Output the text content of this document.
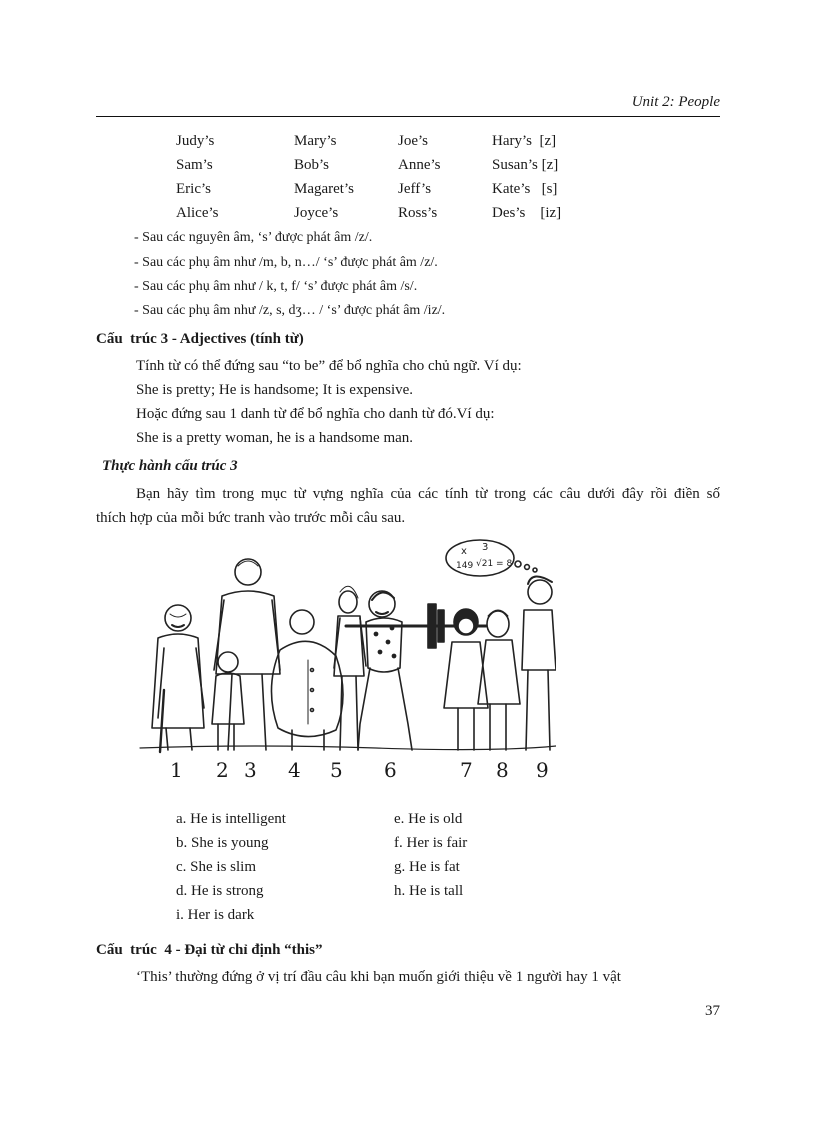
Unit 2: People
Judy’s	Mary’s	Joe’s	Hary’s  [z]
Sam’s	Bob’s	Anne’s	Susan’s [z]
Eric’s	Magaret’s	Jeff’s	Kate’s   [s]
Alice’s	Joyce’s	Ross’s	Des’s    [iz]
- Sau các nguyên âm, ‘s’ được phát âm /z/.
- Sau các phụ âm như /m, b, n…/ ‘s’ được phát âm /z/.
- Sau các phụ âm như / k, t, f/ ‘s’ được phát âm /s/.
- Sau các phụ âm như /z, s, dʒ… / ‘s’ được phát âm /iz/.
Cấu  trúc 3 - Adjectives (tính từ)
Tính từ có thể đứng sau “to be” để bổ nghĩa cho chủ ngữ. Ví dụ:
She is pretty; He is handsome; It is expensive.
Hoặc đứng sau 1 danh từ để bổ nghĩa cho danh từ đó.Ví dụ:
She is a pretty woman, he is a handsome man.
Thực hành cấu trúc 3
Bạn hãy tìm trong mục từ vựng nghĩa của các tính từ trong các câu dưới đây rồi điền số
thích hợp của mỗi bức tranh vào trước mỗi câu sau.
x
149
3
√21 = 8
1 2 3 4 5 6	7 8 9
a. He is intelligent
b. She is young
c. She is slim
d. He is strong
i. Her is dark
e. He is old
f. Her is fair
g. He is fat
h. He is tall
Cấu  trúc  4 - Đại từ chỉ định “this”
‘This’ thường đứng ở vị trí đầu câu khi bạn muốn giới thiệu về 1 người hay 1 vật
37
